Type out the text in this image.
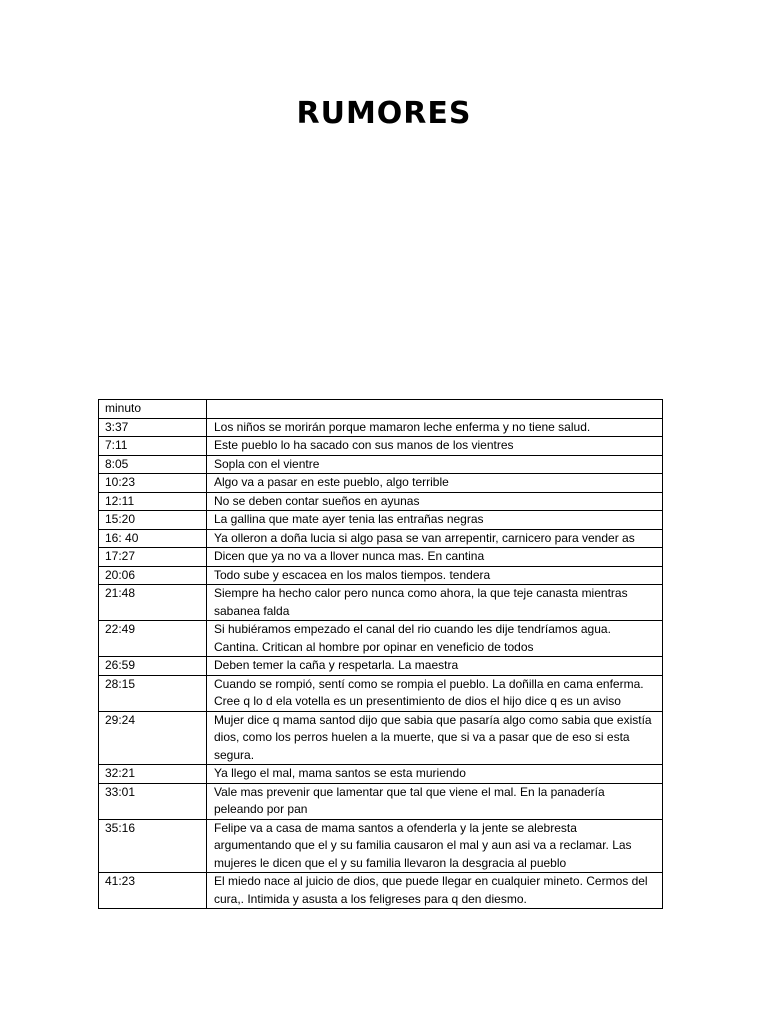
RUMORES
minuto	
3:37	Los niños se morirán porque mamaron leche enferma y no tiene salud.
7:11	Este pueblo lo ha sacado con sus manos de los vientres
8:05	Sopla con el vientre
10:23	Algo va a pasar en este pueblo, algo terrible
12:11	No se deben contar sueños en ayunas
15:20	La gallina que mate ayer tenia las entrañas negras
16: 40	Ya olleron a doña lucia si algo pasa se van arrepentir, carnicero para vender as
17:27	Dicen que ya no va a llover nunca mas. En cantina
20:06	Todo sube y escacea en los malos tiempos. tendera
21:48	Siempre ha hecho calor pero nunca como ahora, la que teje canasta mientras sabanea falda
22:49	Si hubiéramos empezado el canal del rio cuando les dije tendríamos agua. Cantina. Critican al hombre por opinar en veneficio de todos
26:59	Deben temer la caña y respetarla. La maestra
28:15	Cuando se rompió, sentí como se rompia el pueblo. La doñilla en cama enferma. Cree q lo d ela votella es un presentimiento de dios el hijo dice q es un aviso
29:24	Mujer dice q mama santod dijo que sabia que pasaría algo como sabia que existía dios, como los perros huelen a la muerte, que si va a pasar que de eso si esta segura.
32:21	Ya llego el mal, mama santos se esta muriendo
33:01	Vale mas prevenir que lamentar que tal que viene el mal. En la panadería peleando por pan
35:16	Felipe va a casa de mama santos a ofenderla y la jente se alebresta argumentando que el y su familia causaron el mal y aun asi va a reclamar. Las mujeres le dicen que el y su familia llevaron la desgracia al pueblo
41:23	El miedo nace al juicio de dios, que puede llegar en cualquier mineto. Cermos del cura,. Intimida y asusta a los feligreses para q den diesmo.
